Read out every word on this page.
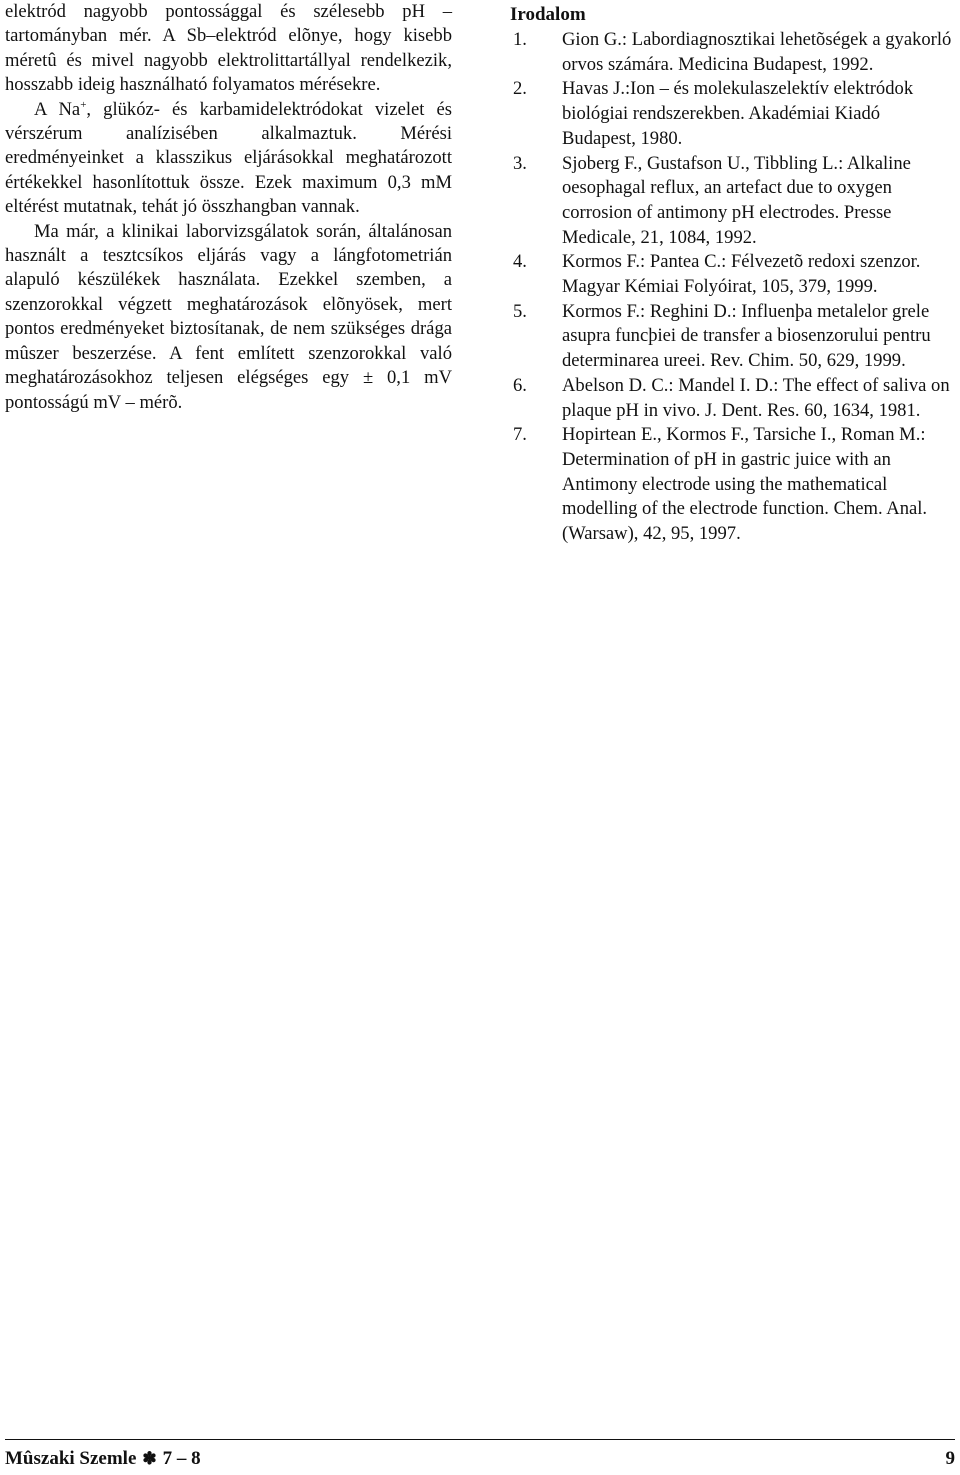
elektród nagyobb pontossággal és szélesebb pH – tartományban mér. A Sb–elektród elõnye, hogy kisebb méretû és mivel nagyobb elektrolittartállyal rendelkezik, hosszabb ideig használható folyamatos mérésekre.

A Na+, glükóz- és karbamidelektródokat vizelet és vérszérum analízisében alkalmaztuk. Mérési eredményeinket a klasszikus eljárásokkal meghatározott értékekkel hasonlítottuk össze. Ezek maximum 0,3 mM eltérést mutatnak, tehát jó összhangban vannak.

Ma már, a klinikai laborvizsgálatok során, általánosan használt a tesztcsíkos eljárás vagy a lángfotometrián alapuló készülékek használata. Ezekkel szemben, a szenzorokkal végzett meghatározások elõnyösek, mert pontos eredményeket biztosítanak, de nem szükséges drága mûszer beszerzése. A fent említett szenzorokkal való meghatározásokhoz teljesen elégséges egy ± 0,1 mV pontosságú mV – mérõ.

Irodalom
1. Gion G.: Labordiagnosztikai lehetõségek a gyakorló orvos számára. Medicina Budapest, 1992.
2. Havas J.:Ion – és molekulaszelektív elektródok biológiai rendszerekben. Akadémiai Kiadó Budapest, 1980.
3. Sjoberg F., Gustafson U., Tibbling L.: Alkaline oesophagal reflux, an artefact due to oxygen corrosion of antimony pH electrodes. Presse Medicale, 21, 1084, 1992.
4. Kormos F.: Pantea C.: Félvezetõ redoxi szenzor. Magyar Kémiai Folyóirat, 105, 379, 1999.
5. Kormos F.: Reghini D.: Influenþa metalelor grele asupra funcþiei de transfer a biosenzorului pentru determinarea ureei. Rev. Chim. 50, 629, 1999.
6. Abelson D. C.: Mandel I. D.: The effect of saliva on plaque pH in vivo. J. Dent. Res. 60, 1634, 1981.
7. Hopirtean E., Kormos F., Tarsiche I., Roman M.: Determination of pH in gastric juice with an Antimony electrode using the mathematical modelling of the electrode function. Chem. Anal. (Warsaw), 42, 95, 1997.
Mûszaki Szemle ✽ 7 – 8	9
